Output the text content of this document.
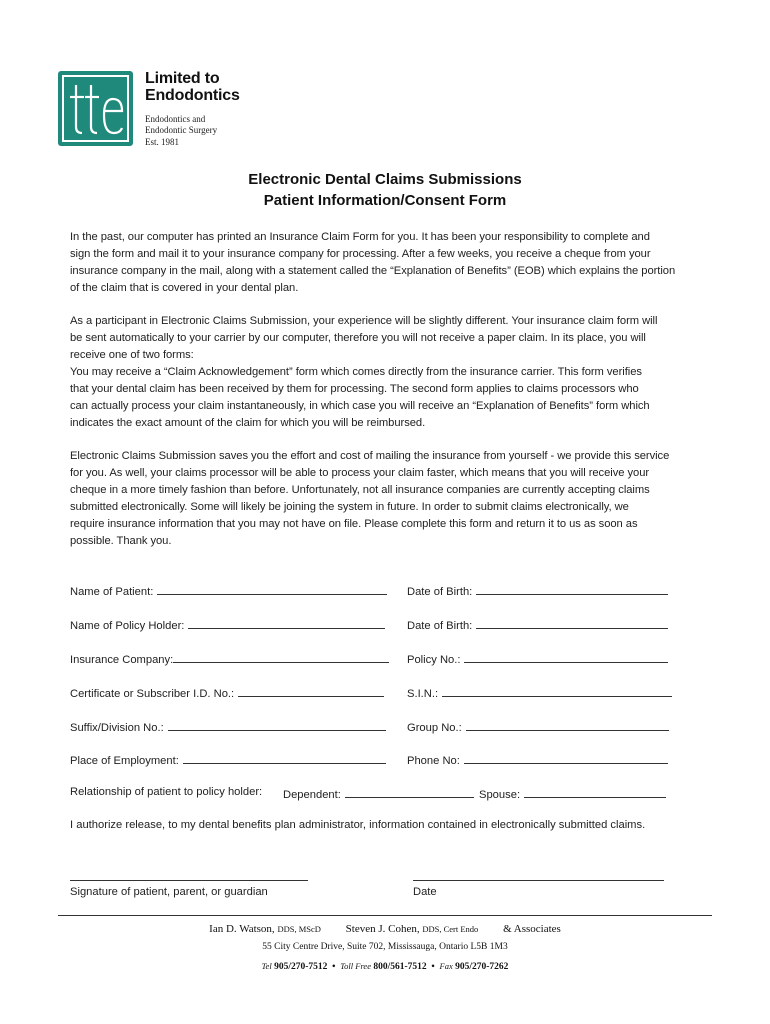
Limited to
Endodontics
Endodontics and
Endodontic Surgery
Est. 1981
Electronic Dental Claims Submissions
Patient Information/Consent Form
In the past, our computer has printed an Insurance Claim Form for you. It has been your responsibility to complete and
sign the form and mail it to your insurance company for processing. After a few weeks, you receive a cheque from your
insurance company in the mail, along with a statement called the “Explanation of Benefits” (EOB) which explains the portion
of the claim that is covered in your dental plan.
As a participant in Electronic Claims Submission, your experience will be slightly different. Your insurance claim form will
be sent automatically to your carrier by our computer, therefore you will not receive a paper claim. In its place, you will
receive one of two forms:
You may receive a “Claim Acknowledgement” form which comes directly from the insurance carrier. This form verifies
that your dental claim has been received by them for processing. The second form applies to claims processors who
can actually process your claim instantaneously, in which case you will receive an “Explanation of Benefits” form which
indicates the exact amount of the claim for which you will be reimbursed.
Electronic Claims Submission saves you the effort and cost of mailing the insurance from yourself - we provide this service
for you. As well, your claims processor will be able to process your claim faster, which means that you will receive your
cheque in a more timely fashion than before. Unfortunately, not all insurance companies are currently accepting claims
submitted electronically. Some will likely be joining the system in future. In order to submit claims electronically, we
require insurance information that you may not have on file. Please complete this form and return it to us as soon as
possible. Thank you.
Name of Patient:	Date of Birth:
Name of Policy Holder:	Date of Birth:
Insurance Company:	Policy No.:
Certificate or Subscriber I.D. No.:	S.I.N.:
Suffix/Division No.:	Group No.:
Place of Employment:	Phone No:
Relationship of patient to policy holder: Dependent:	Spouse:
I authorize release, to my dental benefits plan administrator, information contained in electronically submitted claims.
Signature of patient, parent, or guardian	Date
Ian D. Watson, DDS, MScD Steven J. Cohen, DDS, Cert Endo & Associates
55 City Centre Drive, Suite 702, Mississauga, Ontario L5B 1M3
Tel 905/270-7512 • Toll Free 800/561-7512 • Fax 905/270-7262
